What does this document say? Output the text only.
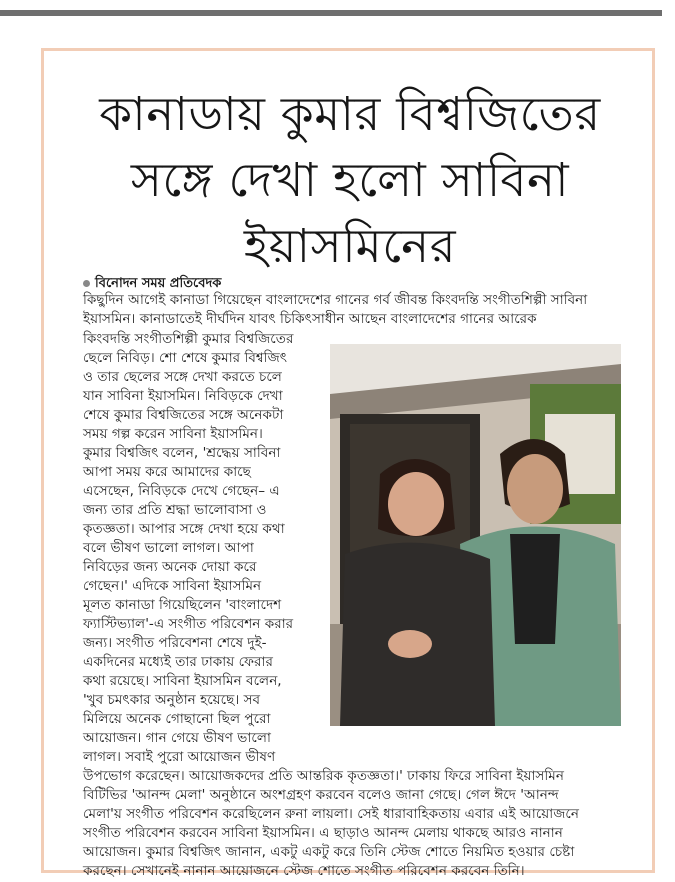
কানাডায় কুমার বিশ্বজিতের
সঙ্গে দেখা হলো সাবিনা
ইয়াসমিনের
বিনোদন সময় প্রতিবেদক
কিছুদিন আগেই কানাডা গিয়েছেন বাংলাদেশের গানের গর্ব জীবন্ত কিংবদন্তি সংগীতশিল্পী সাবিনা
ইয়াসমিন। কানাডাতেই দীর্ঘদিন যাবৎ চিকিৎসাধীন আছেন বাংলাদেশের গানের আরেক
কিংবদন্তি সংগীতশিল্পী কুমার বিশ্বজিতের
ছেলে নিবিড়। শো শেষে কুমার বিশ্বজিৎ
ও তার ছেলের সঙ্গে দেখা করতে চলে
যান সাবিনা ইয়াসমিন। নিবিড়কে দেখা
শেষে কুমার বিশ্বজিতের সঙ্গে অনেকটা
সময় গল্প করেন সাবিনা ইয়াসমিন।
কুমার বিশ্বজিৎ বলেন, 'শ্রদ্ধেয় সাবিনা
আপা সময় করে আমাদের কাছে
এসেছেন, নিবিড়কে দেখে গেছেন– এ
জন্য তার প্রতি শ্রদ্ধা ভালোবাসা ও
কৃতজ্ঞতা। আপার সঙ্গে দেখা হয়ে কথা
বলে ভীষণ ভালো লাগল। আপা
নিবিড়ের জন্য অনেক দোয়া করে
গেছেন।' এদিকে সাবিনা ইয়াসমিন
মূলত কানাডা গিয়েছিলেন 'বাংলাদেশ
ফ্যাস্টিভ্যাল'-এ সংগীত পরিবেশন করার
জন্য। সংগীত পরিবেশনা শেষে দুই-
একদিনের মধ্যেই তার ঢাকায় ফেরার
কথা রয়েছে। সাবিনা ইয়াসমিন বলেন,
'খুব চমৎকার অনুষ্ঠান হয়েছে। সব
মিলিয়ে অনেক গোছানো ছিল পুরো
আয়োজন। গান গেয়ে ভীষণ ভালো
লাগল। সবাই পুরো আয়োজন ভীষণ
উপভোগ করেছেন। আয়োজকদের প্রতি আন্তরিক কৃতজ্ঞতা।' ঢাকায় ফিরে সাবিনা ইয়াসমিন
বিটিভির 'আনন্দ মেলা' অনুষ্ঠানে অংশগ্রহণ করবেন বলেও জানা গেছে। গেল ঈদে 'আনন্দ
মেলা'য় সংগীত পরিবেশন করেছিলেন রুনা লায়লা। সেই ধারাবাহিকতায় এবার এই আয়োজনে
সংগীত পরিবেশন করবেন সাবিনা ইয়াসমিন। এ ছাড়াও আনন্দ মেলায় থাকছে আরও নানান
আয়োজন। কুমার বিশ্বজিৎ জানান, একটু একটু করে তিনি স্টেজ শোতে নিয়মিত হওয়ার চেষ্টা
করছেন। সেখানেই নানান আয়োজনে স্টেজ শোতে সংগীত পরিবেশন করবেন তিনি।
